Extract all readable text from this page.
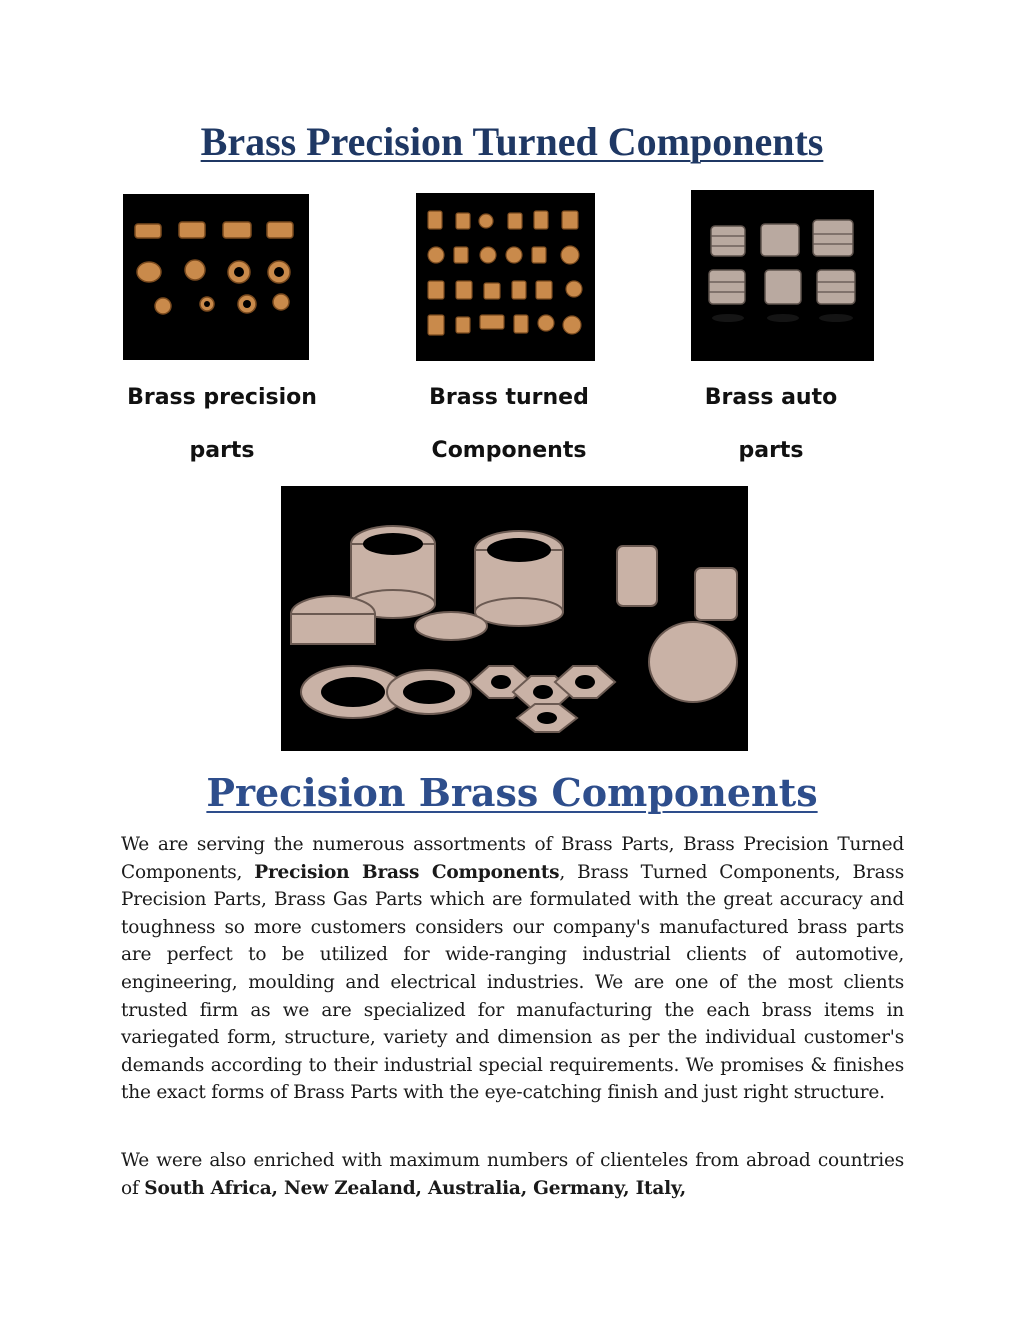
Brass Precision Turned Components
Brass precision
parts
Brass turned
Components
Brass auto
parts
Precision Brass Components

We are serving the numerous assortments of Brass Parts, Brass Precision Turned Components, Precision Brass Components, Brass Turned Components, Brass Precision Parts, Brass Gas Parts which are formulated with the great accuracy and toughness so more customers considers our company's manufactured brass parts are perfect to be utilized for wide-ranging industrial clients of automotive, engineering, moulding and electrical industries. We are one of the most clients trusted firm as we are specialized for manufacturing the each brass items in variegated form, structure, variety and dimension as per the individual customer's demands according to their industrial special requirements. We promises & finishes the exact forms of Brass Parts with the eye-catching finish and just right structure.

We were also enriched with maximum numbers of clienteles from abroad countries of South Africa, New Zealand, Australia, Germany, Italy,
